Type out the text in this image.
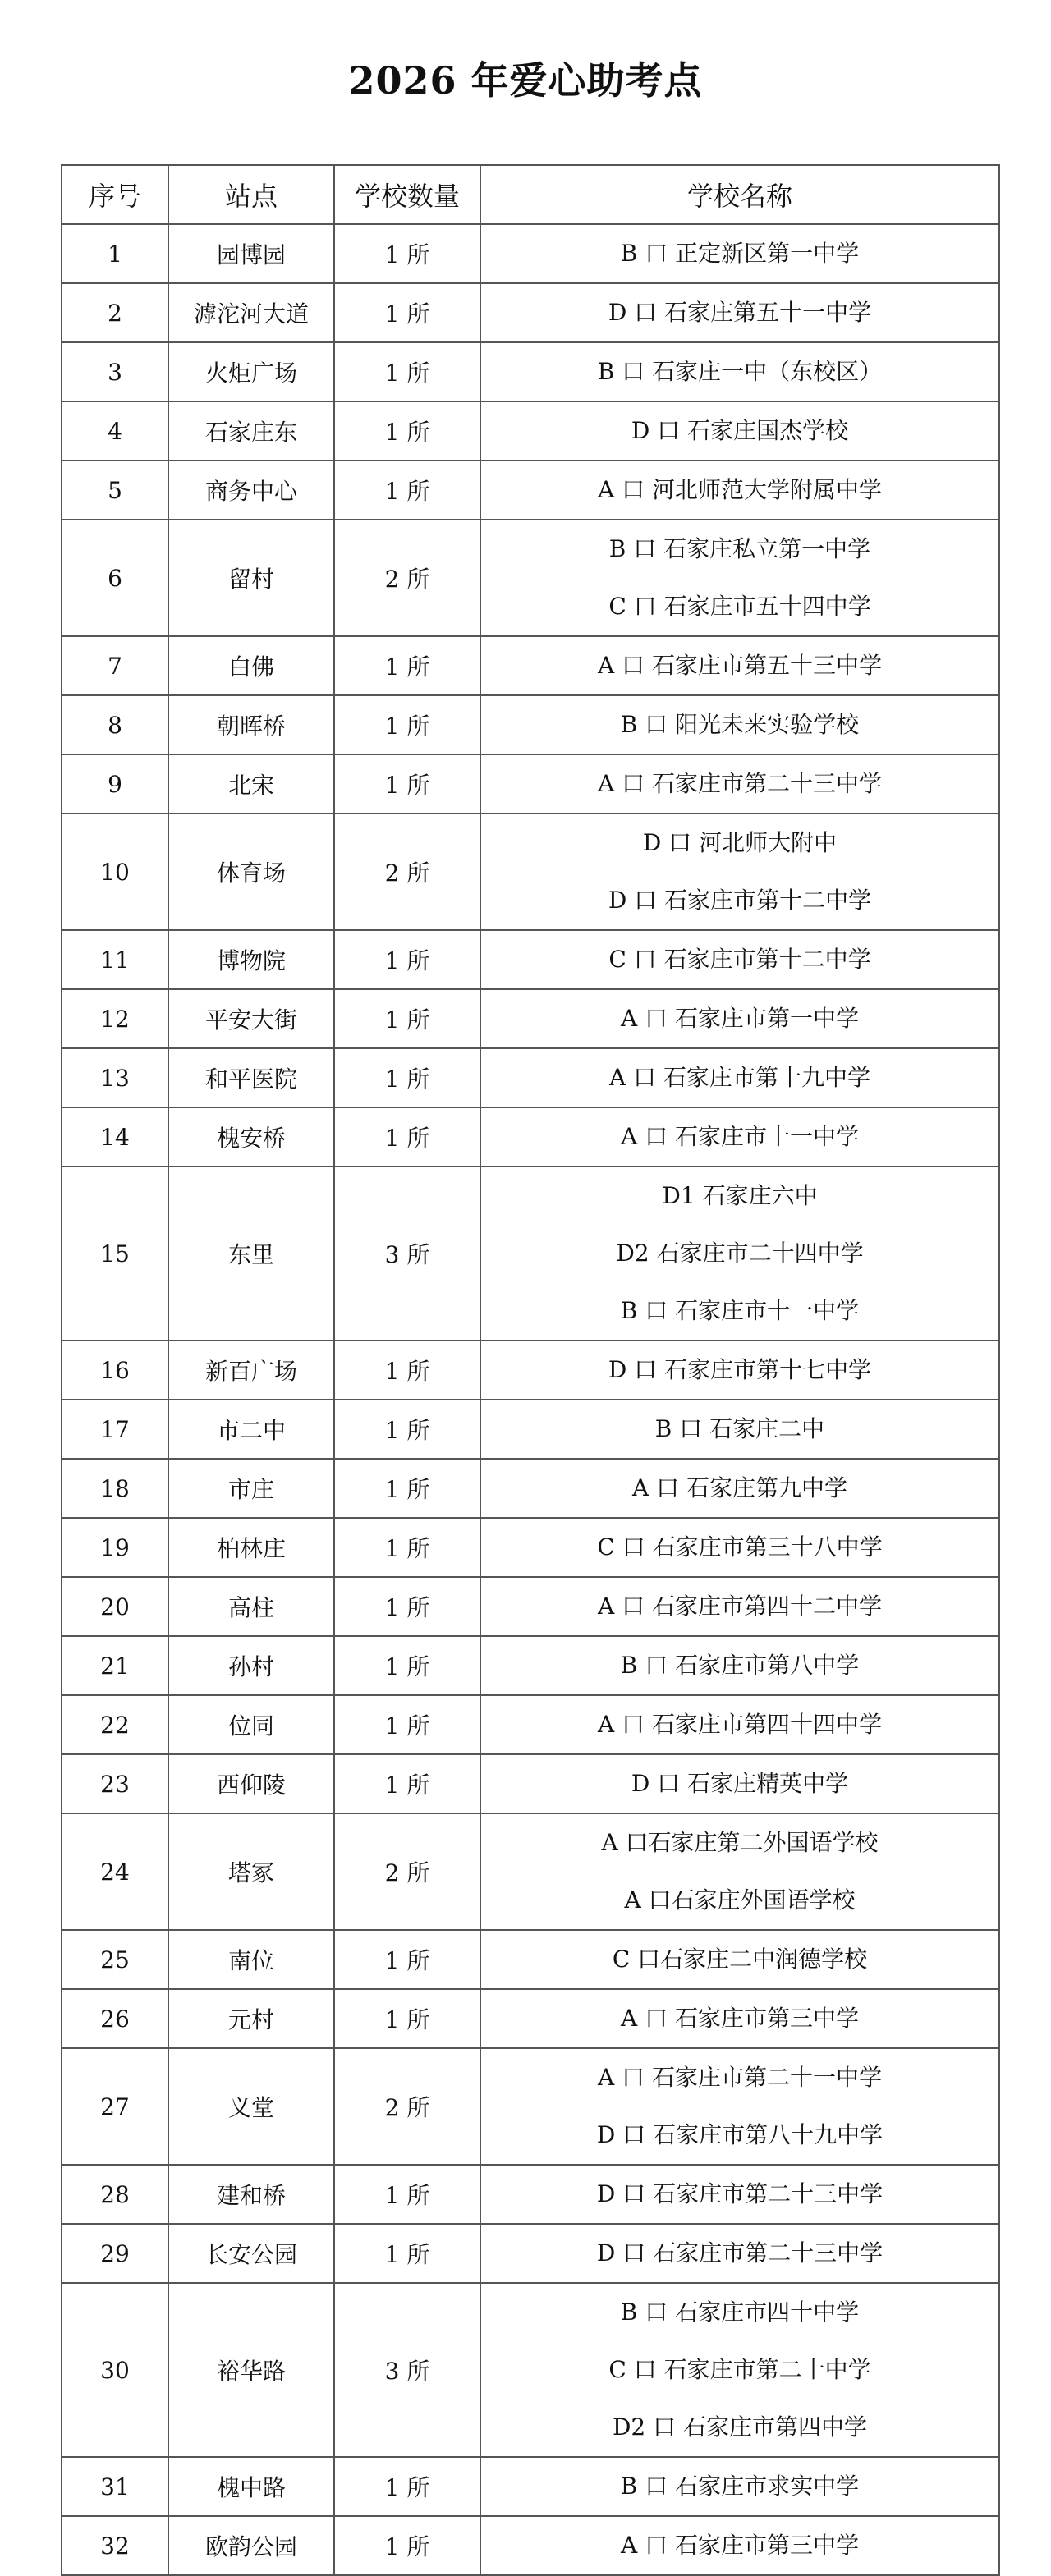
2026 年爱心助考点
序号	站点	学校数量	学校名称
1	园博园	1 所	B 口 正定新区第一中学

2	滹沱河大道	1 所	D 口 石家庄第五十一中学

3	火炬广场	1 所	B 口 石家庄一中（东校区）

4	石家庄东	1 所	D 口 石家庄国杰学校

5	商务中心	1 所	A 口 河北师范大学附属中学

6	留村	2 所	B 口 石家庄私立第一中学
C 口 石家庄市五十四中学

7	白佛	1 所	A 口 石家庄市第五十三中学

8	朝晖桥	1 所	B 口 阳光未来实验学校

9	北宋	1 所	A 口 石家庄市第二十三中学

10	体育场	2 所	D 口 河北师大附中
D 口 石家庄市第十二中学

11	博物院	1 所	C 口 石家庄市第十二中学

12	平安大街	1 所	A 口 石家庄市第一中学

13	和平医院	1 所	A 口 石家庄市第十九中学

14	槐安桥	1 所	A 口 石家庄市十一中学

15	东里	3 所	D1 石家庄六中
D2 石家庄市二十四中学
B 口 石家庄市十一中学

16	新百广场	1 所	D 口 石家庄市第十七中学

17	市二中	1 所	B 口 石家庄二中

18	市庄	1 所	A 口 石家庄第九中学

19	柏林庄	1 所	C 口 石家庄市第三十八中学

20	高柱	1 所	A 口 石家庄市第四十二中学

21	孙村	1 所	B 口 石家庄市第八中学

22	位同	1 所	A 口 石家庄市第四十四中学

23	西仰陵	1 所	D 口 石家庄精英中学

24	塔冢	2 所	A 口石家庄第二外国语学校
A 口石家庄外国语学校

25	南位	1 所	C 口石家庄二中润德学校

26	元村	1 所	A 口 石家庄市第三中学

27	义堂	2 所	A 口 石家庄市第二十一中学
D 口 石家庄市第八十九中学

28	建和桥	1 所	D 口 石家庄市第二十三中学

29	长安公园	1 所	D 口 石家庄市第二十三中学

30	裕华路	3 所	B 口 石家庄市四十中学
C 口 石家庄市第二十中学
D2 口 石家庄市第四中学

31	槐中路	1 所	B 口 石家庄市求实中学

32	欧韵公园	1 所	A 口 石家庄市第三中学
